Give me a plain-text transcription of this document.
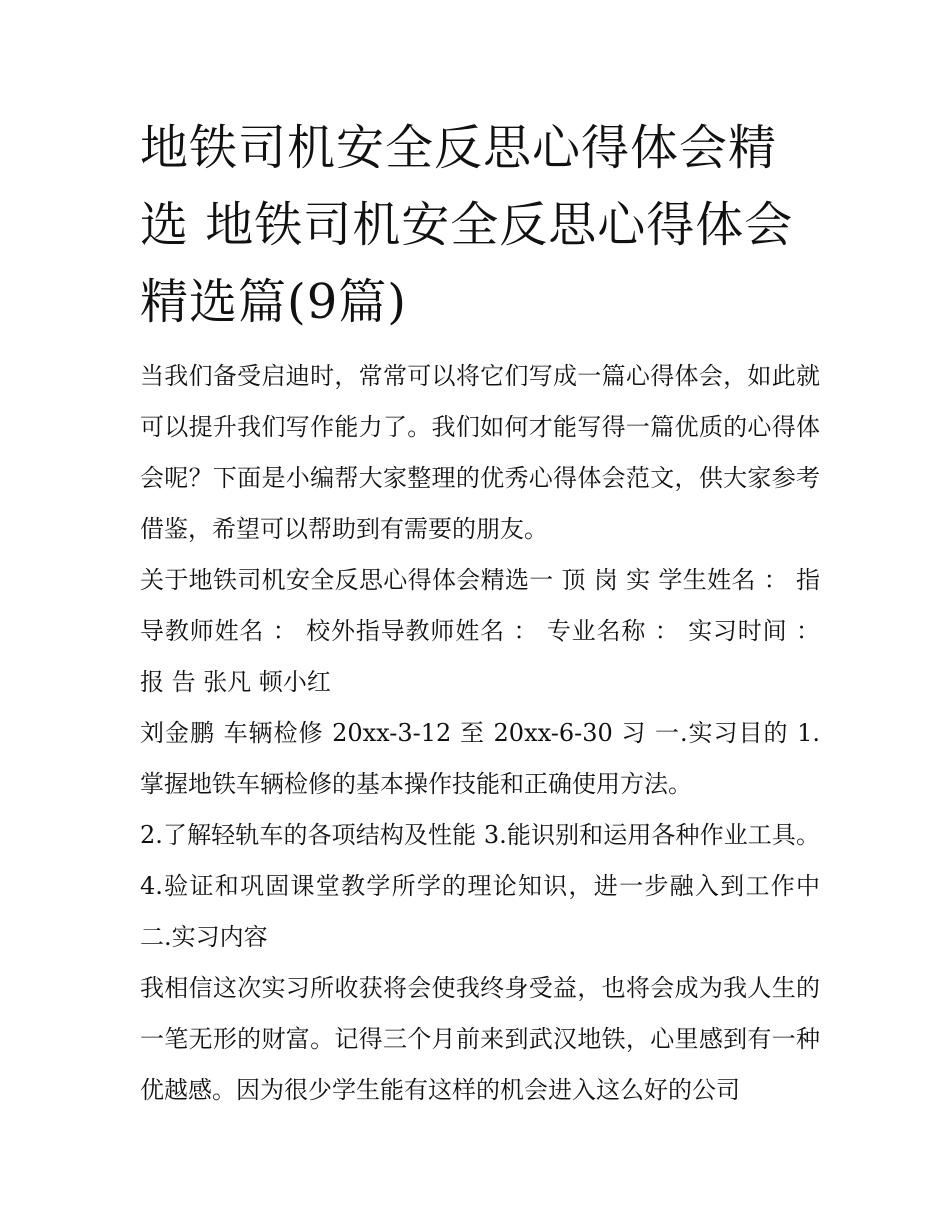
地铁司机安全反思心得体会精选 地铁司机安全反思心得体会精选篇(9篇)

当我们备受启迪时，常常可以将它们写成一篇心得体会，如此就可以提升我们写作能力了。我们如何才能写得一篇优质的心得体会呢？下面是小编帮大家整理的优秀心得体会范文，供大家参考借鉴，希望可以帮助到有需要的朋友。

关于地铁司机安全反思心得体会精选一 顶 岗 实 学生姓名 ： 指导教师姓名 ： 校外指导教师姓名 ： 专业名称 ： 实习时间 ： 报 告 张凡 顿小红

刘金鹏 车辆检修 20xx-3-12 至 20xx-6-30 习 一.实习目的 1.掌握地铁车辆检修的基本操作技能和正确使用方法。

2.了解轻轨车的各项结构及性能 3.能识别和运用各种作业工具。 4.验证和巩固课堂教学所学的理论知识，进一步融入到工作中 二.实习内容

我相信这次实习所收获将会使我终身受益，也将会成为我人生的一笔无形的财富。记得三个月前来到武汉地铁，心里感到有一种优越感。因为很少学生能有这样的机会进入这么好的公司
